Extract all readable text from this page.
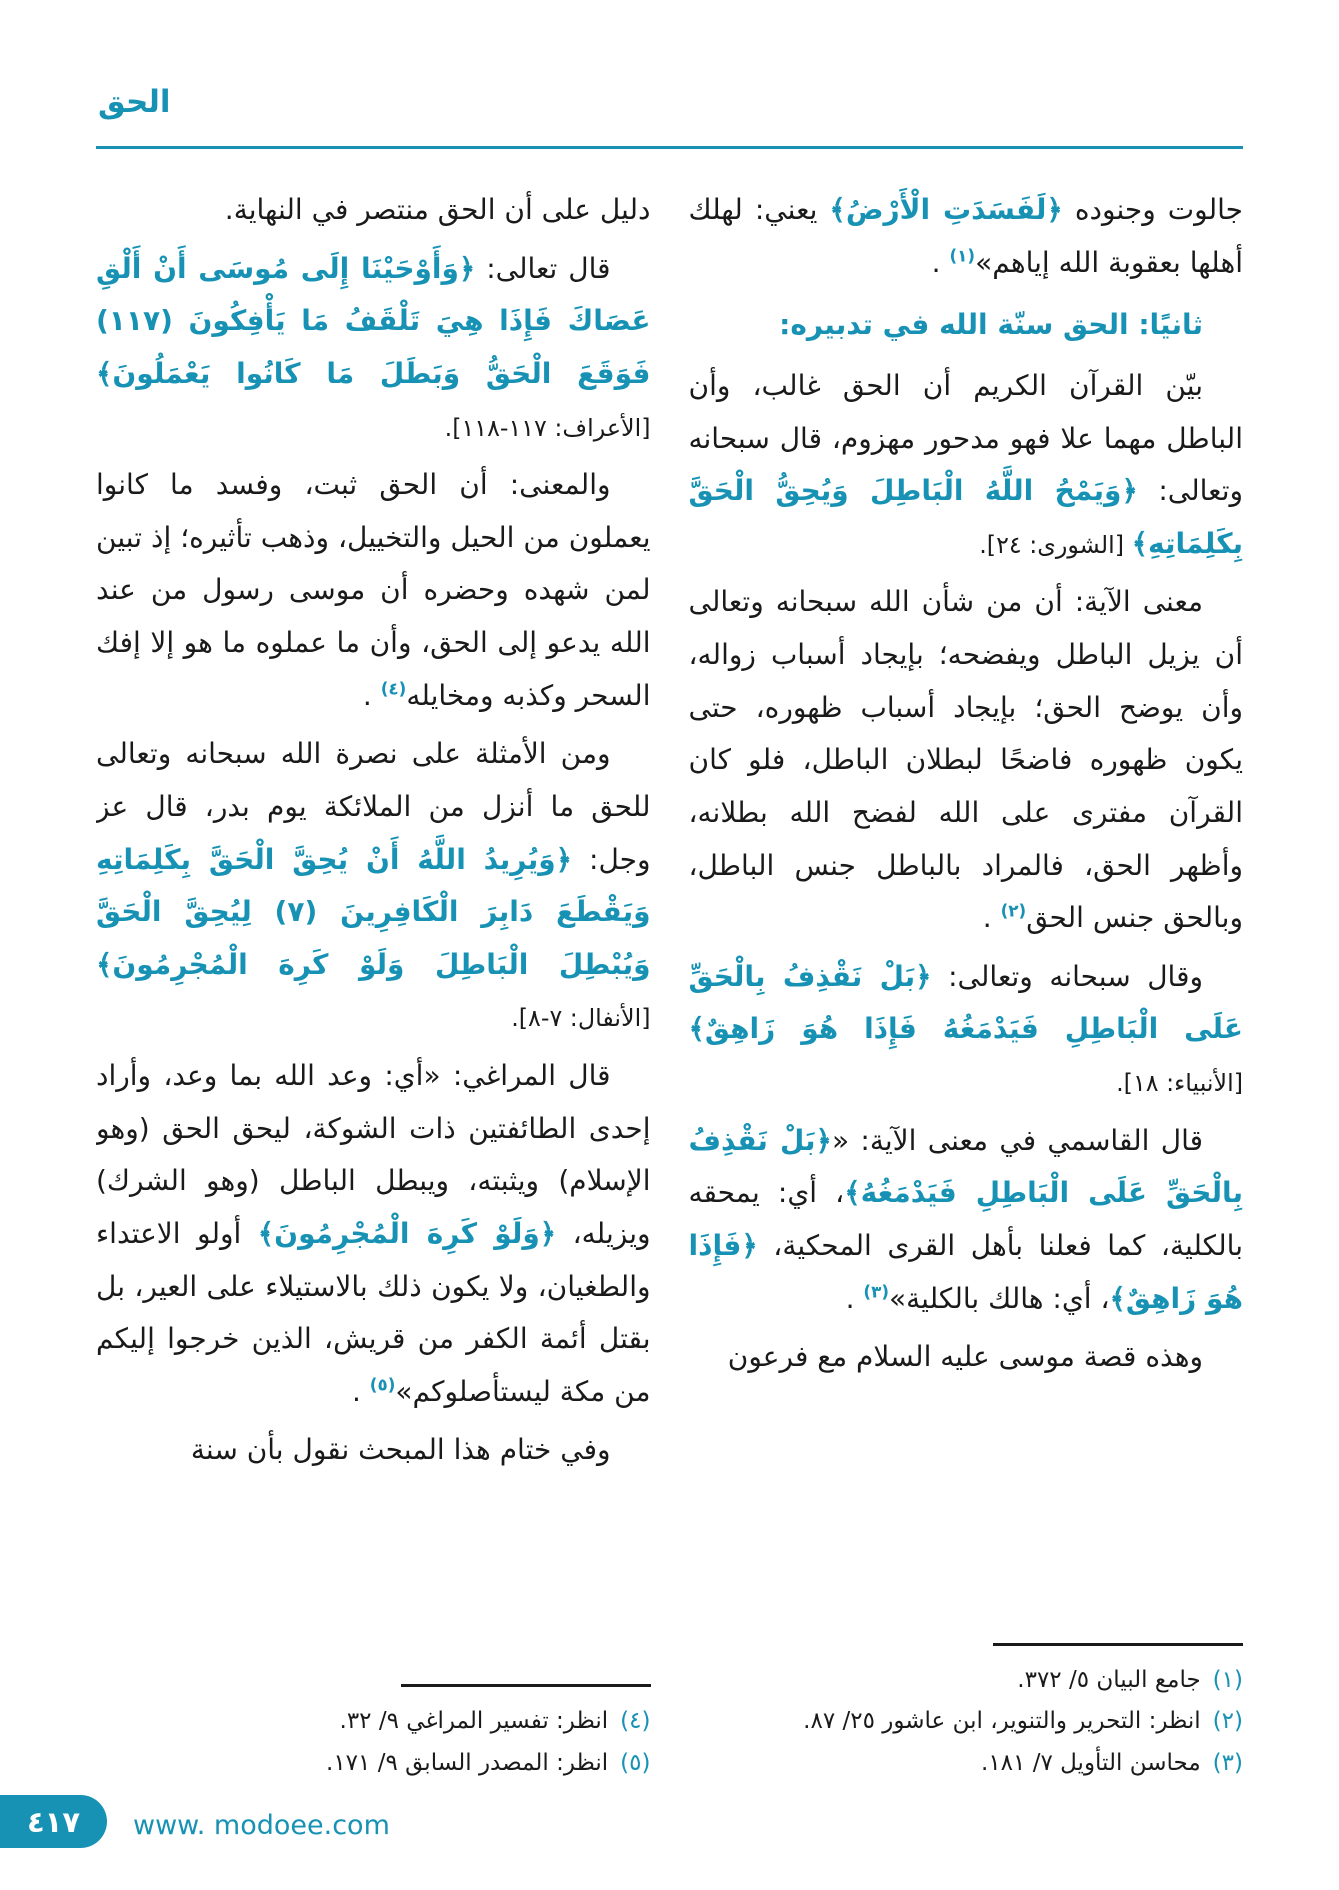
الحق

جالوت وجنوده ﴿لَفَسَدَتِ الْأَرْضُ﴾ يعني: لهلك أهلها بعقوبة الله إياهم»$^{(١)}$ .

ثانيًا: الحق سنّة الله في تدبيره:

بيّن القرآن الكريم أن الحق غالب، وأن الباطل مهما علا فهو مدحور مهزوم، قال سبحانه وتعالى: ﴿وَيَمْحُ اللَّهُ الْبَاطِلَ وَيُحِقُّ الْحَقَّ بِكَلِمَاتِهِ﴾ [الشورى: ٢٤].

معنى الآية: أن من شأن الله سبحانه وتعالى أن يزيل الباطل ويفضحه؛ بإيجاد أسباب زواله، وأن يوضح الحق؛ بإيجاد أسباب ظهوره، حتى يكون ظهوره فاضحًا لبطلان الباطل، فلو كان القرآن مفترى على الله لفضح الله بطلانه، وأظهر الحق، فالمراد بالباطل جنس الباطل، وبالحق جنس الحق$^{(٢)}$ .

وقال سبحانه وتعالى: ﴿بَلْ نَقْذِفُ بِالْحَقِّ عَلَى الْبَاطِلِ فَيَدْمَغُهُ فَإِذَا هُوَ زَاهِقٌ﴾ [الأنبياء: ١٨].

قال القاسمي في معنى الآية: «﴿بَلْ نَقْذِفُ بِالْحَقِّ عَلَى الْبَاطِلِ فَيَدْمَغُهُ﴾، أي: يمحقه بالكلية، كما فعلنا بأهل القرى المحكية، ﴿فَإِذَا هُوَ زَاهِقٌ﴾، أي: هالك بالكلية»$^{(٣)}$ .

وهذه قصة موسى عليه السلام مع فرعون

(١)جامع البيان ٥/ ٣٧٢.
(٢)انظر: التحرير والتنوير، ابن عاشور ٢٥/ ٨٧.
(٣)محاسن التأويل ٧/ ١٨١.

دليل على أن الحق منتصر في النهاية.

قال تعالى: ﴿وَأَوْحَيْنَا إِلَى مُوسَى أَنْ أَلْقِ عَصَاكَ فَإِذَا هِيَ تَلْقَفُ مَا يَأْفِكُونَ (١١٧) فَوَقَعَ الْحَقُّ وَبَطَلَ مَا كَانُوا يَعْمَلُونَ﴾ [الأعراف: ١١٧-١١٨].

والمعنى: أن الحق ثبت، وفسد ما كانوا يعملون من الحيل والتخييل، وذهب تأثيره؛ إذ تبين لمن شهده وحضره أن موسى رسول من عند الله يدعو إلى الحق، وأن ما عملوه ما هو إلا إفك السحر وكذبه ومخايله$^{(٤)}$ .

ومن الأمثلة على نصرة الله سبحانه وتعالى للحق ما أنزل من الملائكة يوم بدر، قال عز وجل: ﴿وَيُرِيدُ اللَّهُ أَنْ يُحِقَّ الْحَقَّ بِكَلِمَاتِهِ وَيَقْطَعَ دَابِرَ الْكَافِرِينَ (٧) لِيُحِقَّ الْحَقَّ وَيُبْطِلَ الْبَاطِلَ وَلَوْ كَرِهَ الْمُجْرِمُونَ﴾ [الأنفال: ٧-٨].

قال المراغي: «أي: وعد الله بما وعد، وأراد إحدى الطائفتين ذات الشوكة، ليحق الحق (وهو الإسلام) ويثبته، ويبطل الباطل (وهو الشرك) ويزيله، ﴿وَلَوْ كَرِهَ الْمُجْرِمُونَ﴾ أولو الاعتداء والطغيان، ولا يكون ذلك بالاستيلاء على العير، بل بقتل أئمة الكفر من قريش، الذين خرجوا إليكم من مكة ليستأصلوكم»$^{(٥)}$ .

وفي ختام هذا المبحث نقول بأن سنة

(٤)انظر: تفسير المراغي ٩/ ٣٢.
(٥)انظر: المصدر السابق ٩/ ١٧١.
٤١٧ www. modoee.com
